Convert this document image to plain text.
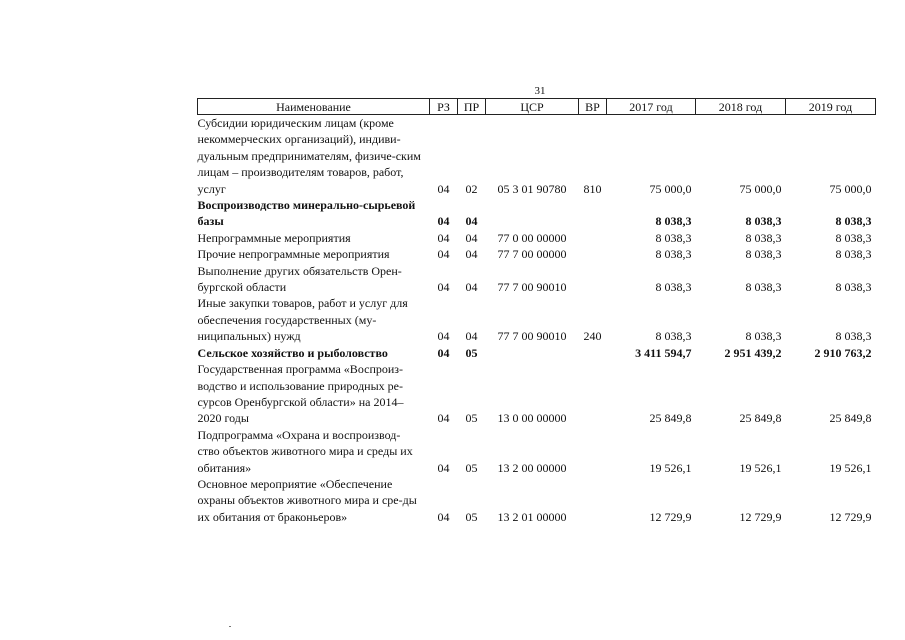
31
Наименование	РЗ	ПР	ЦСР	ВР	2017 год	2018 год	2019 год
Субсидии юридическим лицам (кроме некоммерческих организаций), индиви-дуальным предпринимателям, физиче-ским лицам – производителям товаров, работ, услуг	04	02	05 3 01 90780	810	75 000,0	75 000,0	75 000,0
Воспроизводство минерально-сырьевой базы	04	04			8 038,3	8 038,3	8 038,3
Непрограммные мероприятия	04	04	77 0 00 00000		8 038,3	8 038,3	8 038,3
Прочие непрограммные мероприятия	04	04	77 7 00 00000		8 038,3	8 038,3	8 038,3
Выполнение других обязательств Орен-бургской области	04	04	77 7 00 90010		8 038,3	8 038,3	8 038,3
Иные закупки товаров, работ и услуг для обеспечения государственных (му-ниципальных) нужд	04	04	77 7 00 90010	240	8 038,3	8 038,3	8 038,3
Сельское хозяйство и рыболовство	04	05			3 411 594,7	2 951 439,2	2 910 763,2
Государственная программа «Воспроиз-водство и использование природных ре-сурсов Оренбургской области» на 2014–2020 годы	04	05	13 0 00 00000		25 849,8	25 849,8	25 849,8
Подпрограмма «Охрана и воспроизвод-ство объектов животного мира и среды их обитания»	04	05	13 2 00 00000		19 526,1	19 526,1	19 526,1
Основное мероприятие «Обеспечение охраны объектов животного мира и сре-ды их обитания от браконьеров»	04	05	13 2 01 00000		12 729,9	12 729,9	12 729,9
